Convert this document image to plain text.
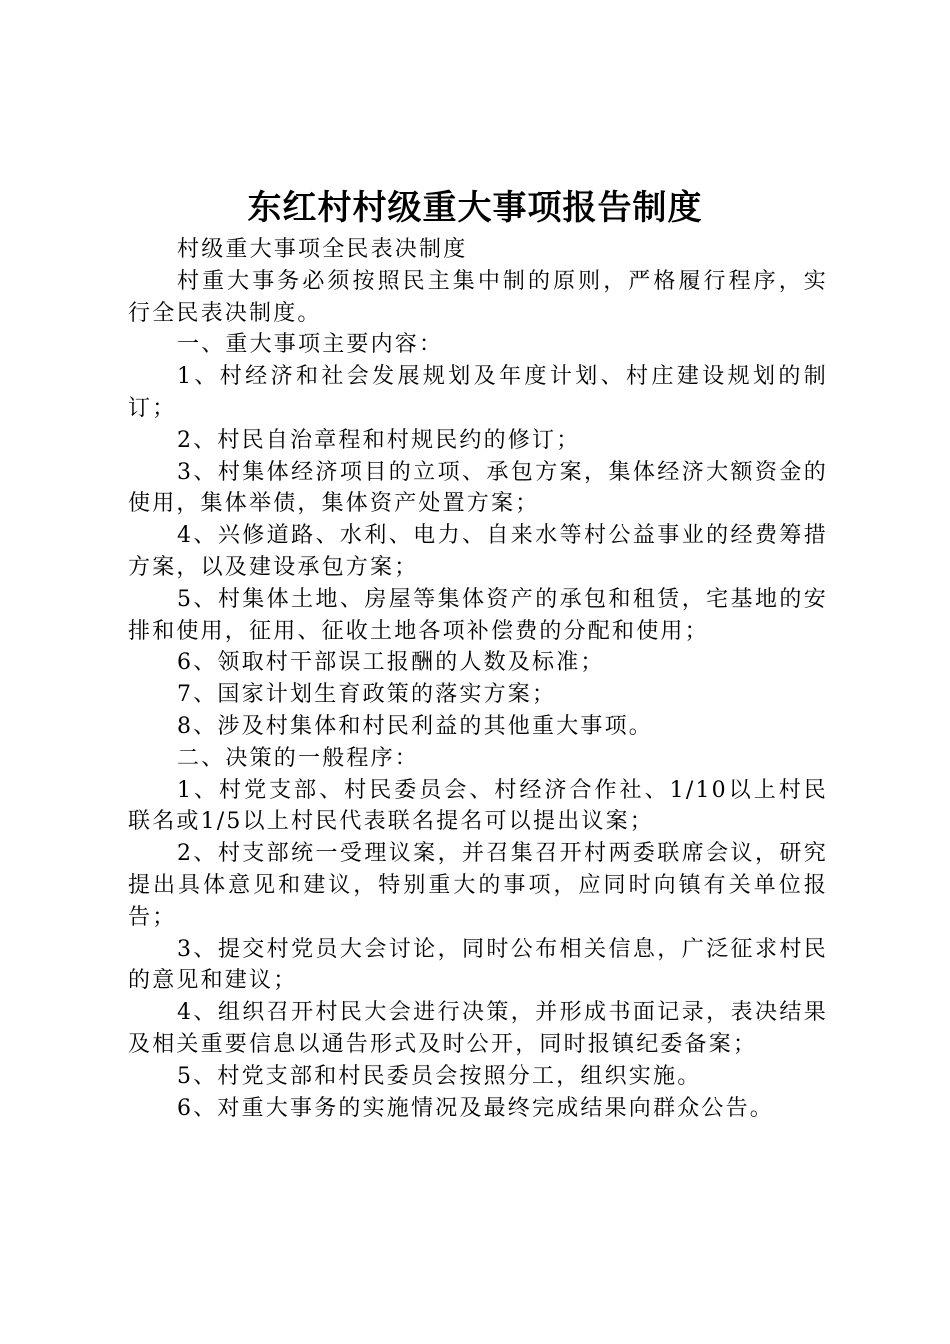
东红村村级重大事项报告制度

村级重大事项全民表决制度

村重大事务必须按照民主集中制的原则，严格履行程序，实行全民表决制度。

一、重大事项主要内容：

1、村经济和社会发展规划及年度计划、村庄建设规划的制订；

2、村民自治章程和村规民约的修订；

3、村集体经济项目的立项、承包方案，集体经济大额资金的使用，集体举债，集体资产处置方案；

4、兴修道路、水利、电力、自来水等村公益事业的经费筹措方案，以及建设承包方案；

5、村集体土地、房屋等集体资产的承包和租赁，宅基地的安排和使用，征用、征收土地各项补偿费的分配和使用；

6、领取村干部误工报酬的人数及标准；

7、国家计划生育政策的落实方案；

8、涉及村集体和村民利益的其他重大事项。

二、决策的一般程序：

1、村党支部、村民委员会、村经济合作社、1/10以上村民联名或1/5以上村民代表联名提名可以提出议案；

2、村支部统一受理议案，并召集召开村两委联席会议，研究提出具体意见和建议，特别重大的事项，应同时向镇有关单位报告；

3、提交村党员大会讨论，同时公布相关信息，广泛征求村民的意见和建议；

4、组织召开村民大会进行决策，并形成书面记录，表决结果及相关重要信息以通告形式及时公开，同时报镇纪委备案；

5、村党支部和村民委员会按照分工，组织实施。

6、对重大事务的实施情况及最终完成结果向群众公告。
